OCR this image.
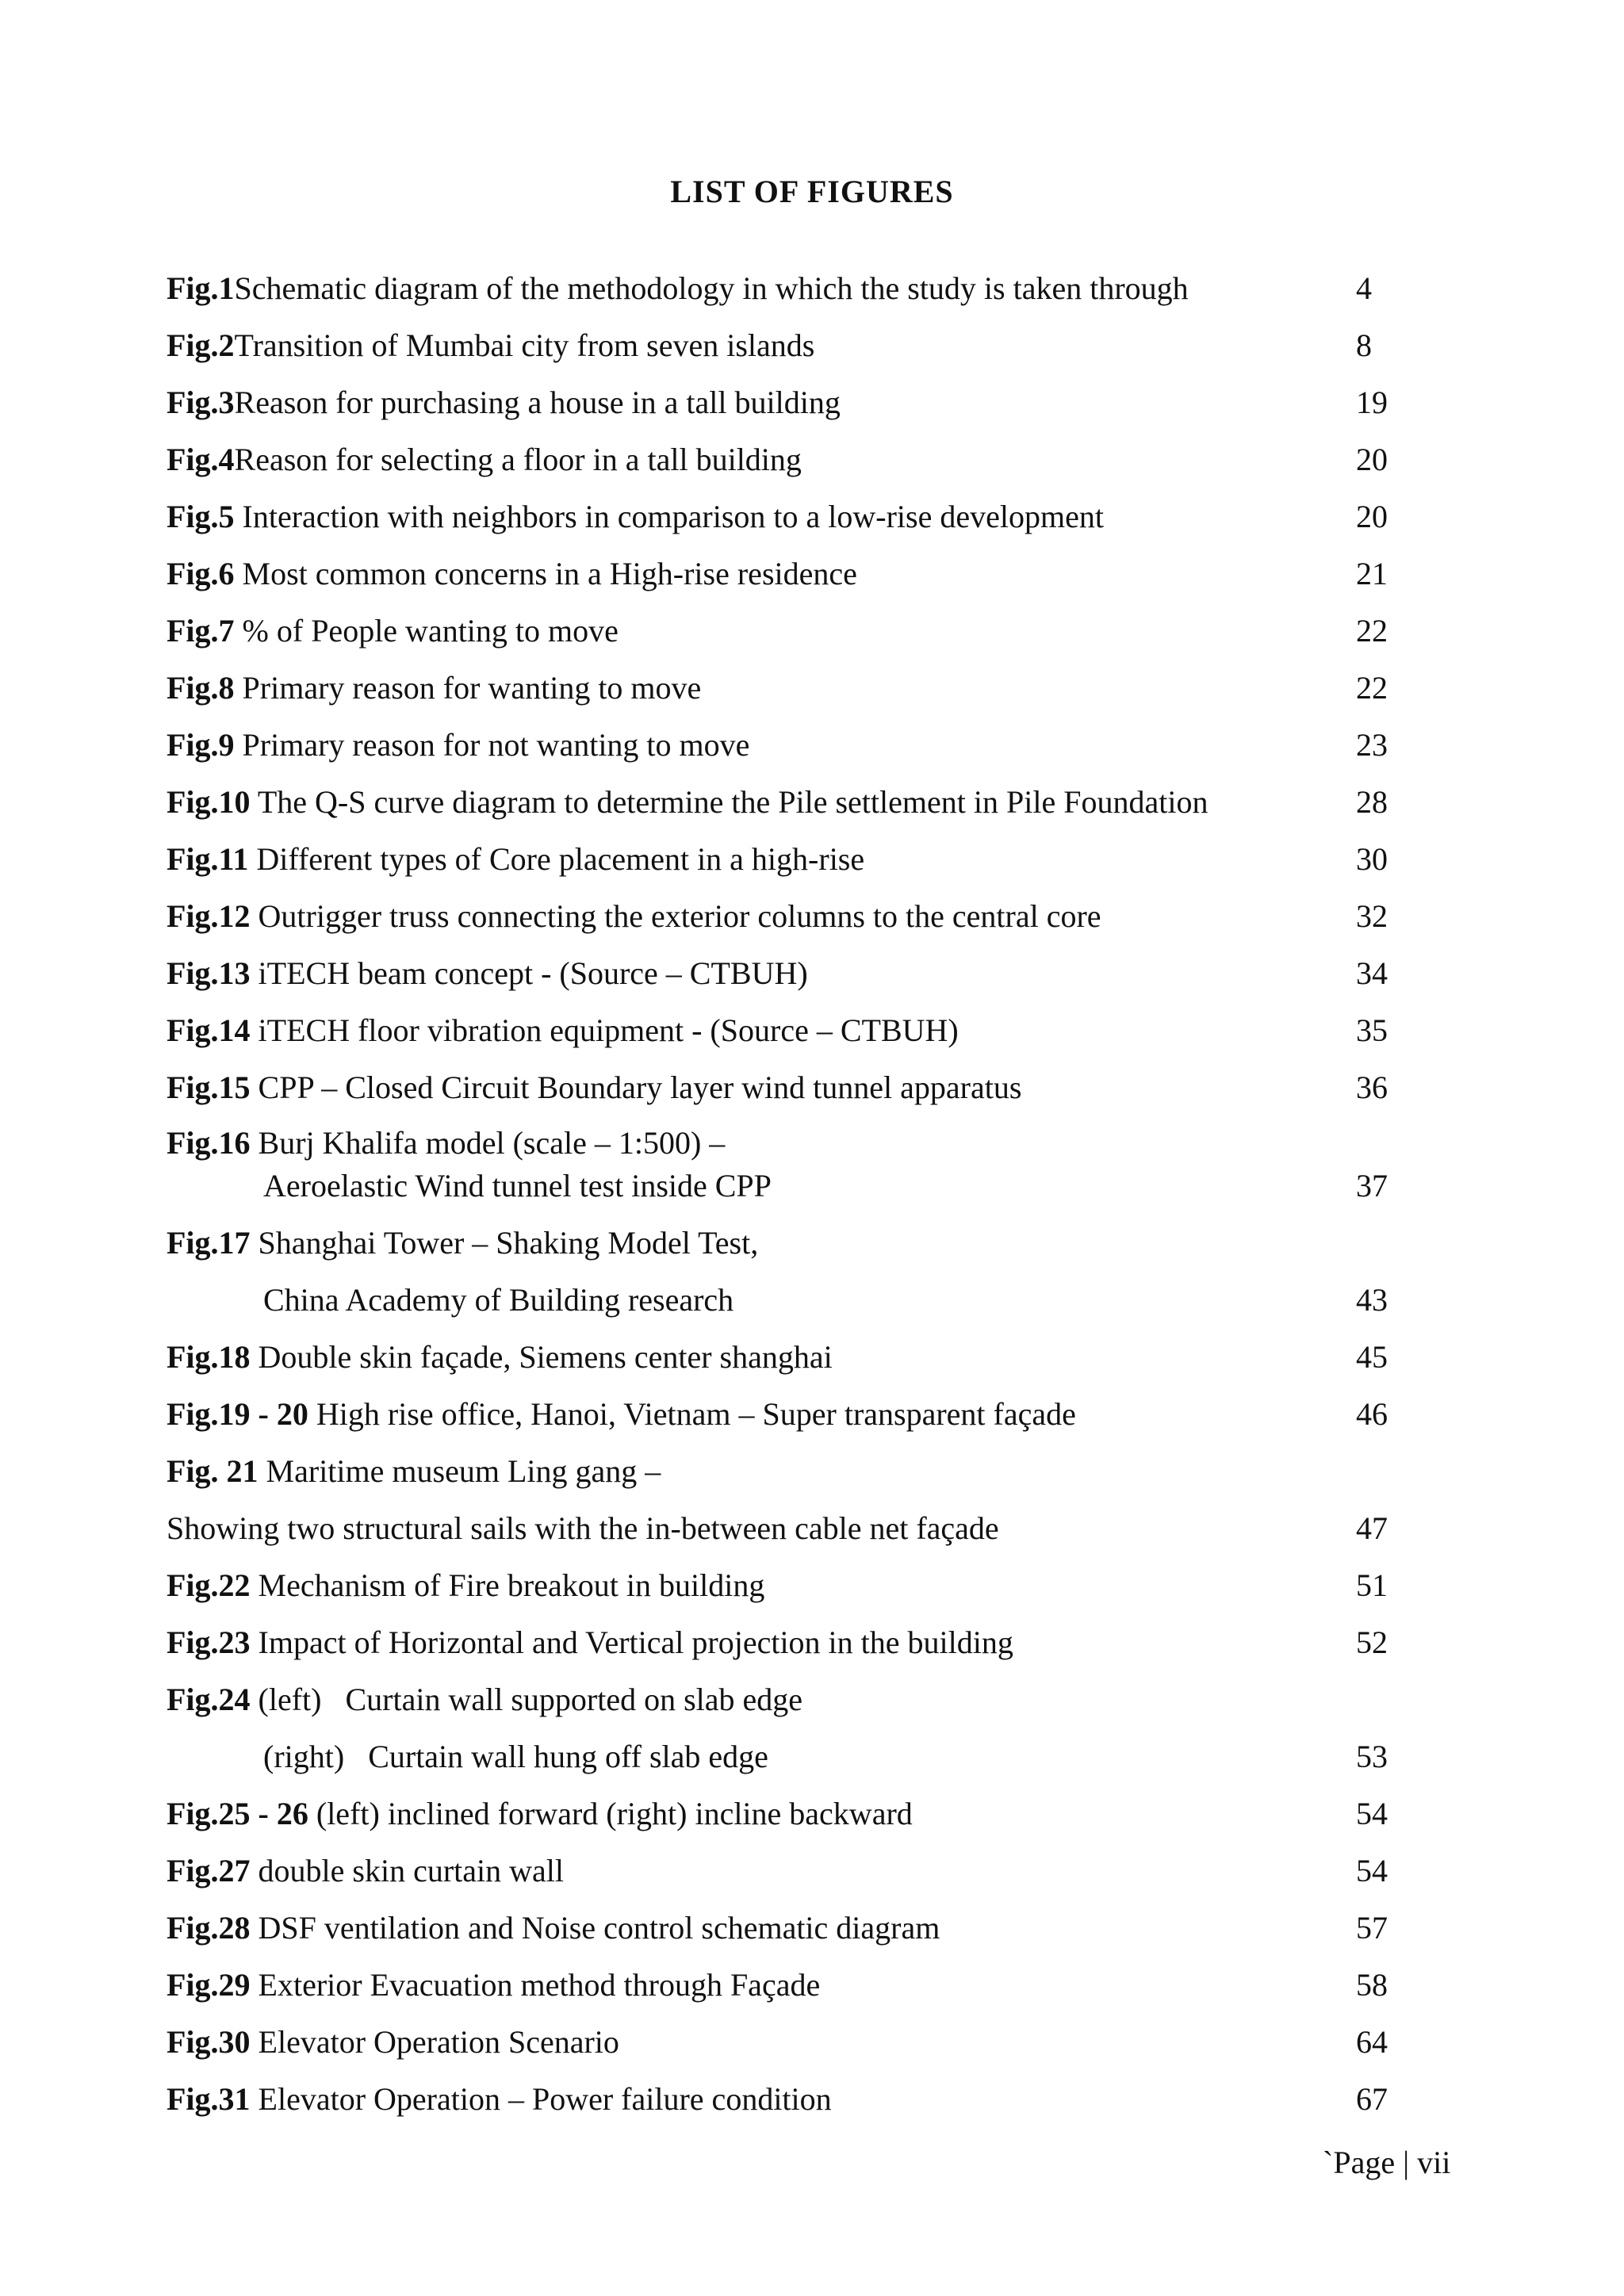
LIST OF FIGURES
Fig.1Schematic diagram of the methodology in which the study is taken through	4
Fig.2Transition of Mumbai city from seven islands	8
Fig.3Reason for purchasing a house in a tall building	19
Fig.4Reason for selecting a floor in a tall building	20
Fig.5 Interaction with neighbors in comparison to a low-rise development	20
Fig.6 Most common concerns in a High-rise residence	21
Fig.7 % of People wanting to move	22
Fig.8 Primary reason for wanting to move	22
Fig.9 Primary reason for not wanting to move	23
Fig.10 The Q-S curve diagram to determine the Pile settlement in Pile Foundation	28
Fig.11 Different types of Core placement in a high-rise	30
Fig.12 Outrigger truss connecting the exterior columns to the central core	32
Fig.13 iTECH beam concept - (Source – CTBUH)	34
Fig.14 iTECH floor vibration equipment - (Source – CTBUH)	35
Fig.15 CPP – Closed Circuit Boundary layer wind tunnel apparatus	36
Fig.16 Burj Khalifa model (scale – 1:500) –
Aeroelastic Wind tunnel test inside CPP	37
Fig.17 Shanghai Tower – Shaking Model Test,
China Academy of Building research	43
Fig.18 Double skin façade, Siemens center shanghai	45
Fig.19 - 20 High rise office, Hanoi, Vietnam – Super transparent façade	46
Fig. 21 Maritime museum Ling gang –
Showing two structural sails with the in-between cable net façade	47
Fig.22 Mechanism of Fire breakout in building	51
Fig.23 Impact of Horizontal and Vertical projection in the building	52
Fig.24 (left)   Curtain wall supported on slab edge
(right)   Curtain wall hung off slab edge	53
Fig.25 - 26 (left) inclined forward (right) incline backward	54
Fig.27 double skin curtain wall	54
Fig.28 DSF ventilation and Noise control schematic diagram	57
Fig.29 Exterior Evacuation method through Façade	58
Fig.30 Elevator Operation Scenario	64
Fig.31 Elevator Operation – Power failure condition	67
`Page | vii
